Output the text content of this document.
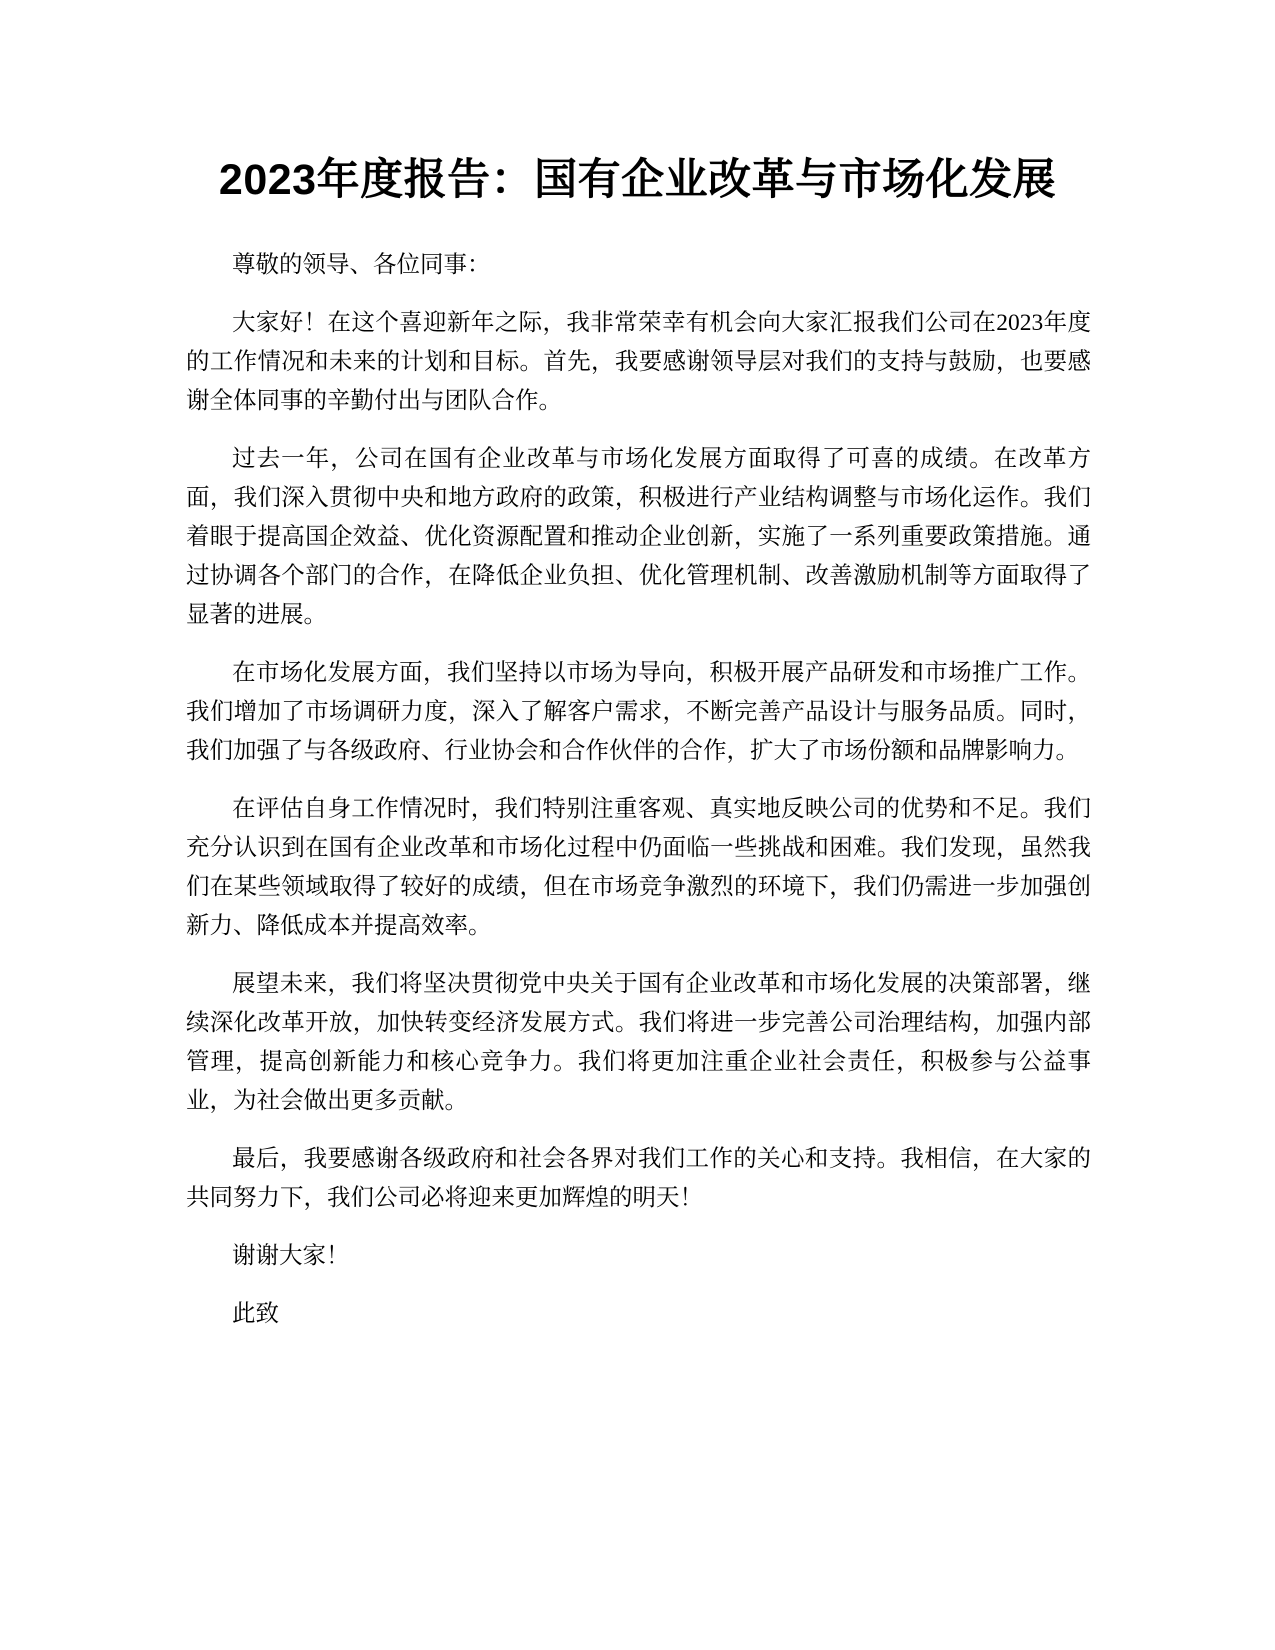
2023年度报告：国有企业改革与市场化发展

尊敬的领导、各位同事：

大家好！在这个喜迎新年之际，我非常荣幸有机会向大家汇报我们公司在2023年度的工作情况和未来的计划和目标。首先，我要感谢领导层对我们的支持与鼓励，也要感谢全体同事的辛勤付出与团队合作。

过去一年，公司在国有企业改革与市场化发展方面取得了可喜的成绩。在改革方面，我们深入贯彻中央和地方政府的政策，积极进行产业结构调整与市场化运作。我们着眼于提高国企效益、优化资源配置和推动企业创新，实施了一系列重要政策措施。通过协调各个部门的合作，在降低企业负担、优化管理机制、改善激励机制等方面取得了显著的进展。

在市场化发展方面，我们坚持以市场为导向，积极开展产品研发和市场推广工作。我们增加了市场调研力度，深入了解客户需求，不断完善产品设计与服务品质。同时，我们加强了与各级政府、行业协会和合作伙伴的合作，扩大了市场份额和品牌影响力。

在评估自身工作情况时，我们特别注重客观、真实地反映公司的优势和不足。我们充分认识到在国有企业改革和市场化过程中仍面临一些挑战和困难。我们发现，虽然我们在某些领域取得了较好的成绩，但在市场竞争激烈的环境下，我们仍需进一步加强创新力、降低成本并提高效率。

展望未来，我们将坚决贯彻党中央关于国有企业改革和市场化发展的决策部署，继续深化改革开放，加快转变经济发展方式。我们将进一步完善公司治理结构，加强内部管理，提高创新能力和核心竞争力。我们将更加注重企业社会责任，积极参与公益事业，为社会做出更多贡献。

最后，我要感谢各级政府和社会各界对我们工作的关心和支持。我相信，在大家的共同努力下，我们公司必将迎来更加辉煌的明天！

谢谢大家！

此致
